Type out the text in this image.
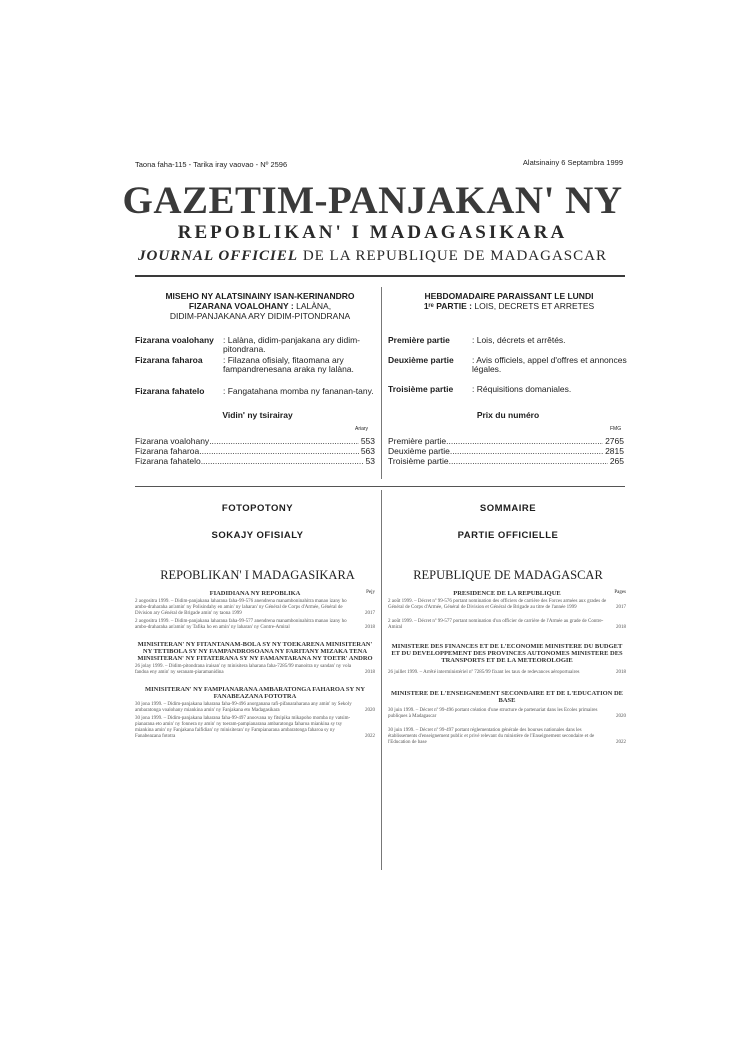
Taona faha-115 - Tarika iray vaovao - Nº 2596	Alatsinainy 6 Septambra 1999
GAZETIM-PANJAKAN' NY
REPOBLIKAN' I MADAGASIKARA
JOURNAL OFFICIEL DE LA REPUBLIQUE DE MADAGASCAR
MISEHO NY ALATSINAINY ISAN-KERINANDRO
FIZARANA VOALOHANY : LALÀNA,
DIDIM-PANJAKANA ARY DIDIM-PITONDRANA
HEBDOMADAIRE PARAISSANT LE LUNDI
1ʳᵉ PARTIE : LOIS, DECRETS ET ARRETES
Fizarana voalohany : Lalàna, didim-panjakana ary didim-pitondrana.
Fizarana faharoa : Filazana ofisialy, fitaomana ary fampandrenesana araka ny lalàna.
Fizarana fahatelo : Fangatahana momba ny fananan-tany.
Première partie	: Lois, décrets et arrêtés.
Deuxième partie : Avis officiels, appel d'offres et annonces légales.
Troisième partie : Réquisitions domaniales.
Vidin' ny tsirairay
Ariary
Fizarana voalohany .....	553
Fizarana faharoa .....	563
Fizarana fahatelo .....	53
Prix du numéro
FMG
Première partie .....	2765
Deuxième partie .....	2815
Troisième partie .....	265
FOTOPOTONY
SOKAJY OFISIALY
REPOBLIKAN' I MADAGASIKARA
FIADIDIANA NY REPOBLIKA	Pejy
2 aogositra 1999. – Didim-panjakana laharana faha-99-576 anendrena manamboninahitra manao izany ho ambo-draharaha an'amin' ny Polisindahy en amin' ny laharan' ny Général de Corps d'Armée, Général de Division ary Général de Brigade amin' ny taona 1999	2017
2 aogositra 1999. – Didim-panjakana laharana faha-99-577 anendrena manamboninahitra manao izany ho ambo-draharaha an'amin' ny Tafika ho en amin' ny laharan' ny Contre-Amiral	2018
MINISITERAN' NY FITANTANAM-BOLA SY NY TOEKARENA MINISITERAN' NY TETIBOLA SY NY FAMPANDROSOANA NY FARITANY MIZAKA TENA MINISITERAN' NY FITATERANA SY NY FAMANTARANA NY TOETR' ANDRO
26 jolay 1999. – Didim-pitondrana iraisan' ny minisitera laharana faha-7285/99 manoitra ny sandan' ny vola fandoa eny amin' ny seranam-piaramanidina	2018
MINISITERAN' NY FAMPIANARANA AMBARATONGA FAHAROA SY NY FANABEAZANA FOTOTRA
30 jona 1999. – Didim-panjakana laharana faha-99-496 anorganana rafi-pifanaraharana any amin' ny Sekoly ambaratonga voalohany miankina amin' ny Fanjakana eto Madagasikara	2020
30 jona 1999. – Didim-panjakana laharana faha-99-497 anoovana ny fitsipika mikapoho momba ny vatsim-pianarana eto amin' ny fonnera ny amin' ny toeram-pampianarana ambaratonga faharoa miankina sy tsy miankina amin' ny Fanjakana faifidian' ny minisiteran' ny Fampianarana ambaratonga faharoa sy ny Fanabeazana fototra	2022
SOMMAIRE
PARTIE OFFICIELLE
REPUBLIQUE DE MADAGASCAR
PRESIDENCE DE LA REPUBLIQUE	Pages
2 août 1999. – Décret nº 99-576 portant nomination des officiers de carrière des Forces armées aux grades de Général de Corps d'Armée, Général de Division et Général de Brigade au titre de l'année 1999	2017
2 août 1999. – Décret nº 99-577 portant nomination d'un officier de carrière de l'Armée au grade de Contre-Amiral	2018
MINISTERE DES FINANCES ET DE L'ECONOMIE MINISTERE DU BUDGET ET DU DEVELOPPEMENT DES PROVINCES AUTONOMES MINISTERE DES TRANSPORTS ET DE LA METEOROLOGIE
26 juillet 1999. – Arrêté interministériel nº 7285/99 fixant les taux de redevances aéroportuaires	2018
MINISTERE DE L'ENSEIGNEMENT SECONDAIRE ET DE L'EDUCATION DE BASE
30 juin 1999. – Décret nº 99-496 portant création d'une structure de partenariat dans les Ecoles primaires publiques à Madagascar	2020
30 juin 1999. – Décret nº 99-497 portant réglementation générale des bourses nationales dans les établissements d'enseignement public et privé relevant du ministère de l'Enseignement secondaire et de l'Education de base	2022
